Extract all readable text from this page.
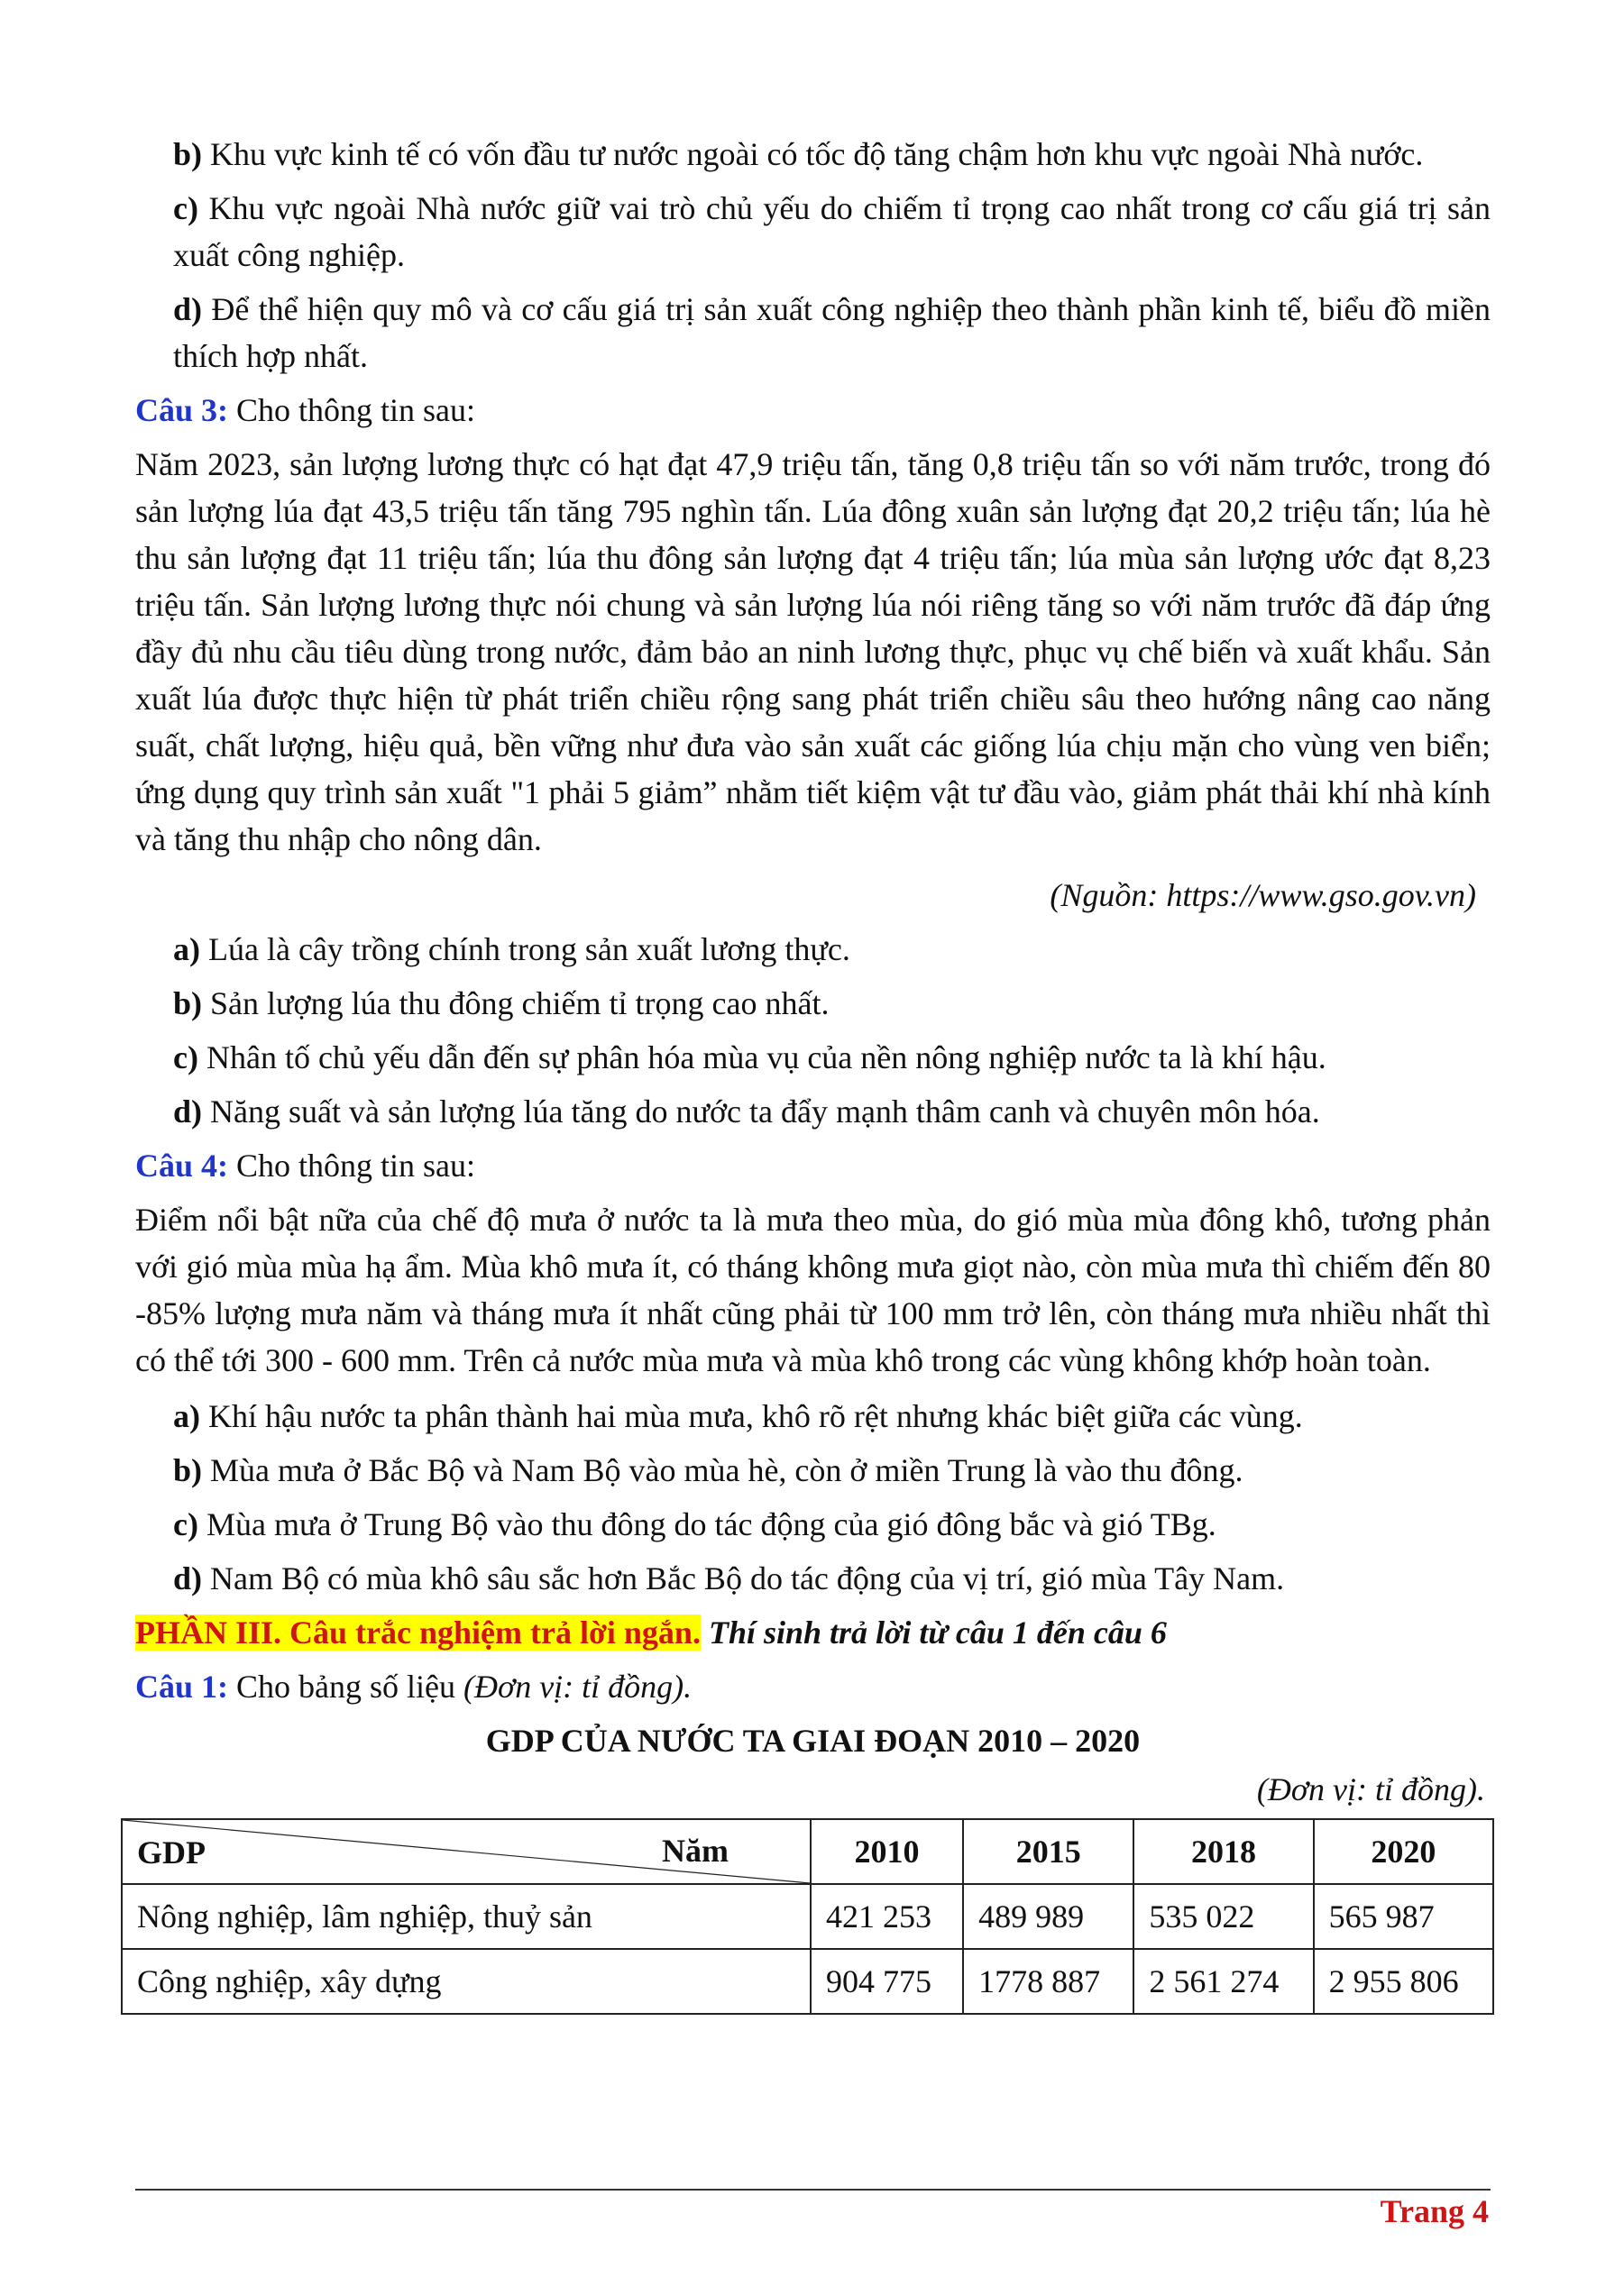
b) Khu vực kinh tế có vốn đầu tư nước ngoài có tốc độ tăng chậm hơn khu vực ngoài Nhà nước.
c) Khu vực ngoài Nhà nước giữ vai trò chủ yếu do chiếm tỉ trọng cao nhất trong cơ cấu giá trị sản xuất công nghiệp.
d) Để thể hiện quy mô và cơ cấu giá trị sản xuất công nghiệp theo thành phần kinh tế, biểu đồ miền thích hợp nhất.
Câu 3: Cho thông tin sau:
Năm 2023, sản lượng lương thực có hạt đạt 47,9 triệu tấn, tăng 0,8 triệu tấn so với năm trước, trong đó sản lượng lúa đạt 43,5 triệu tấn tăng 795 nghìn tấn. Lúa đông xuân sản lượng đạt 20,2 triệu tấn; lúa hè thu sản lượng đạt 11 triệu tấn; lúa thu đông sản lượng đạt 4 triệu tấn; lúa mùa sản lượng ước đạt 8,23 triệu tấn. Sản lượng lương thực nói chung và sản lượng lúa nói riêng tăng so với năm trước đã đáp ứng đầy đủ nhu cầu tiêu dùng trong nước, đảm bảo an ninh lương thực, phục vụ chế biến và xuất khẩu. Sản xuất lúa được thực hiện từ phát triển chiều rộng sang phát triển chiều sâu theo hướng nâng cao năng suất, chất lượng, hiệu quả, bền vững như đưa vào sản xuất các giống lúa chịu mặn cho vùng ven biển; ứng dụng quy trình sản xuất "1 phải 5 giảm” nhằm tiết kiệm vật tư đầu vào, giảm phát thải khí nhà kính và tăng thu nhập cho nông dân.
(Nguồn: https://www.gso.gov.vn)
a) Lúa là cây trồng chính trong sản xuất lương thực.
b) Sản lượng lúa thu đông chiếm tỉ trọng cao nhất.
c) Nhân tố chủ yếu dẫn đến sự phân hóa mùa vụ của nền nông nghiệp nước ta là khí hậu.
d) Năng suất và sản lượng lúa tăng do nước ta đẩy mạnh thâm canh và chuyên môn hóa.
Câu 4: Cho thông tin sau:
Điểm nổi bật nữa của chế độ mưa ở nước ta là mưa theo mùa, do gió mùa mùa đông khô, tương phản với gió mùa mùa hạ ẩm. Mùa khô mưa ít, có tháng không mưa giọt nào, còn mùa mưa thì chiếm đến 80 -85% lượng mưa năm và tháng mưa ít nhất cũng phải từ 100 mm trở lên, còn tháng mưa nhiều nhất thì có thể tới 300 - 600 mm. Trên cả nước mùa mưa và mùa khô trong các vùng không khớp hoàn toàn.
a) Khí hậu nước ta phân thành hai mùa mưa, khô rõ rệt nhưng khác biệt giữa các vùng.
b) Mùa mưa ở Bắc Bộ và Nam Bộ vào mùa hè, còn ở miền Trung là vào thu đông.
c) Mùa mưa ở Trung Bộ vào thu đông do tác động của gió đông bắc và gió TBg.
d) Nam Bộ có mùa khô sâu sắc hơn Bắc Bộ do tác động của vị trí, gió mùa Tây Nam.
PHẦN III. Câu trắc nghiệm trả lời ngắn. Thí sinh trả lời từ câu 1 đến câu 6
Câu 1: Cho bảng số liệu (Đơn vị: tỉ đồng).
GDP CỦA NƯỚC TA GIAI ĐOẠN 2010 – 2020
(Đơn vị: tỉ đồng).
GDP Năm	2010	2015	2018	2020
Nông nghiệp, lâm nghiệp, thuỷ sản	421 253	489 989	535 022	565 987
Công nghiệp, xây dựng	904 775	1778 887	2 561 274	2 955 806
Trang 4
